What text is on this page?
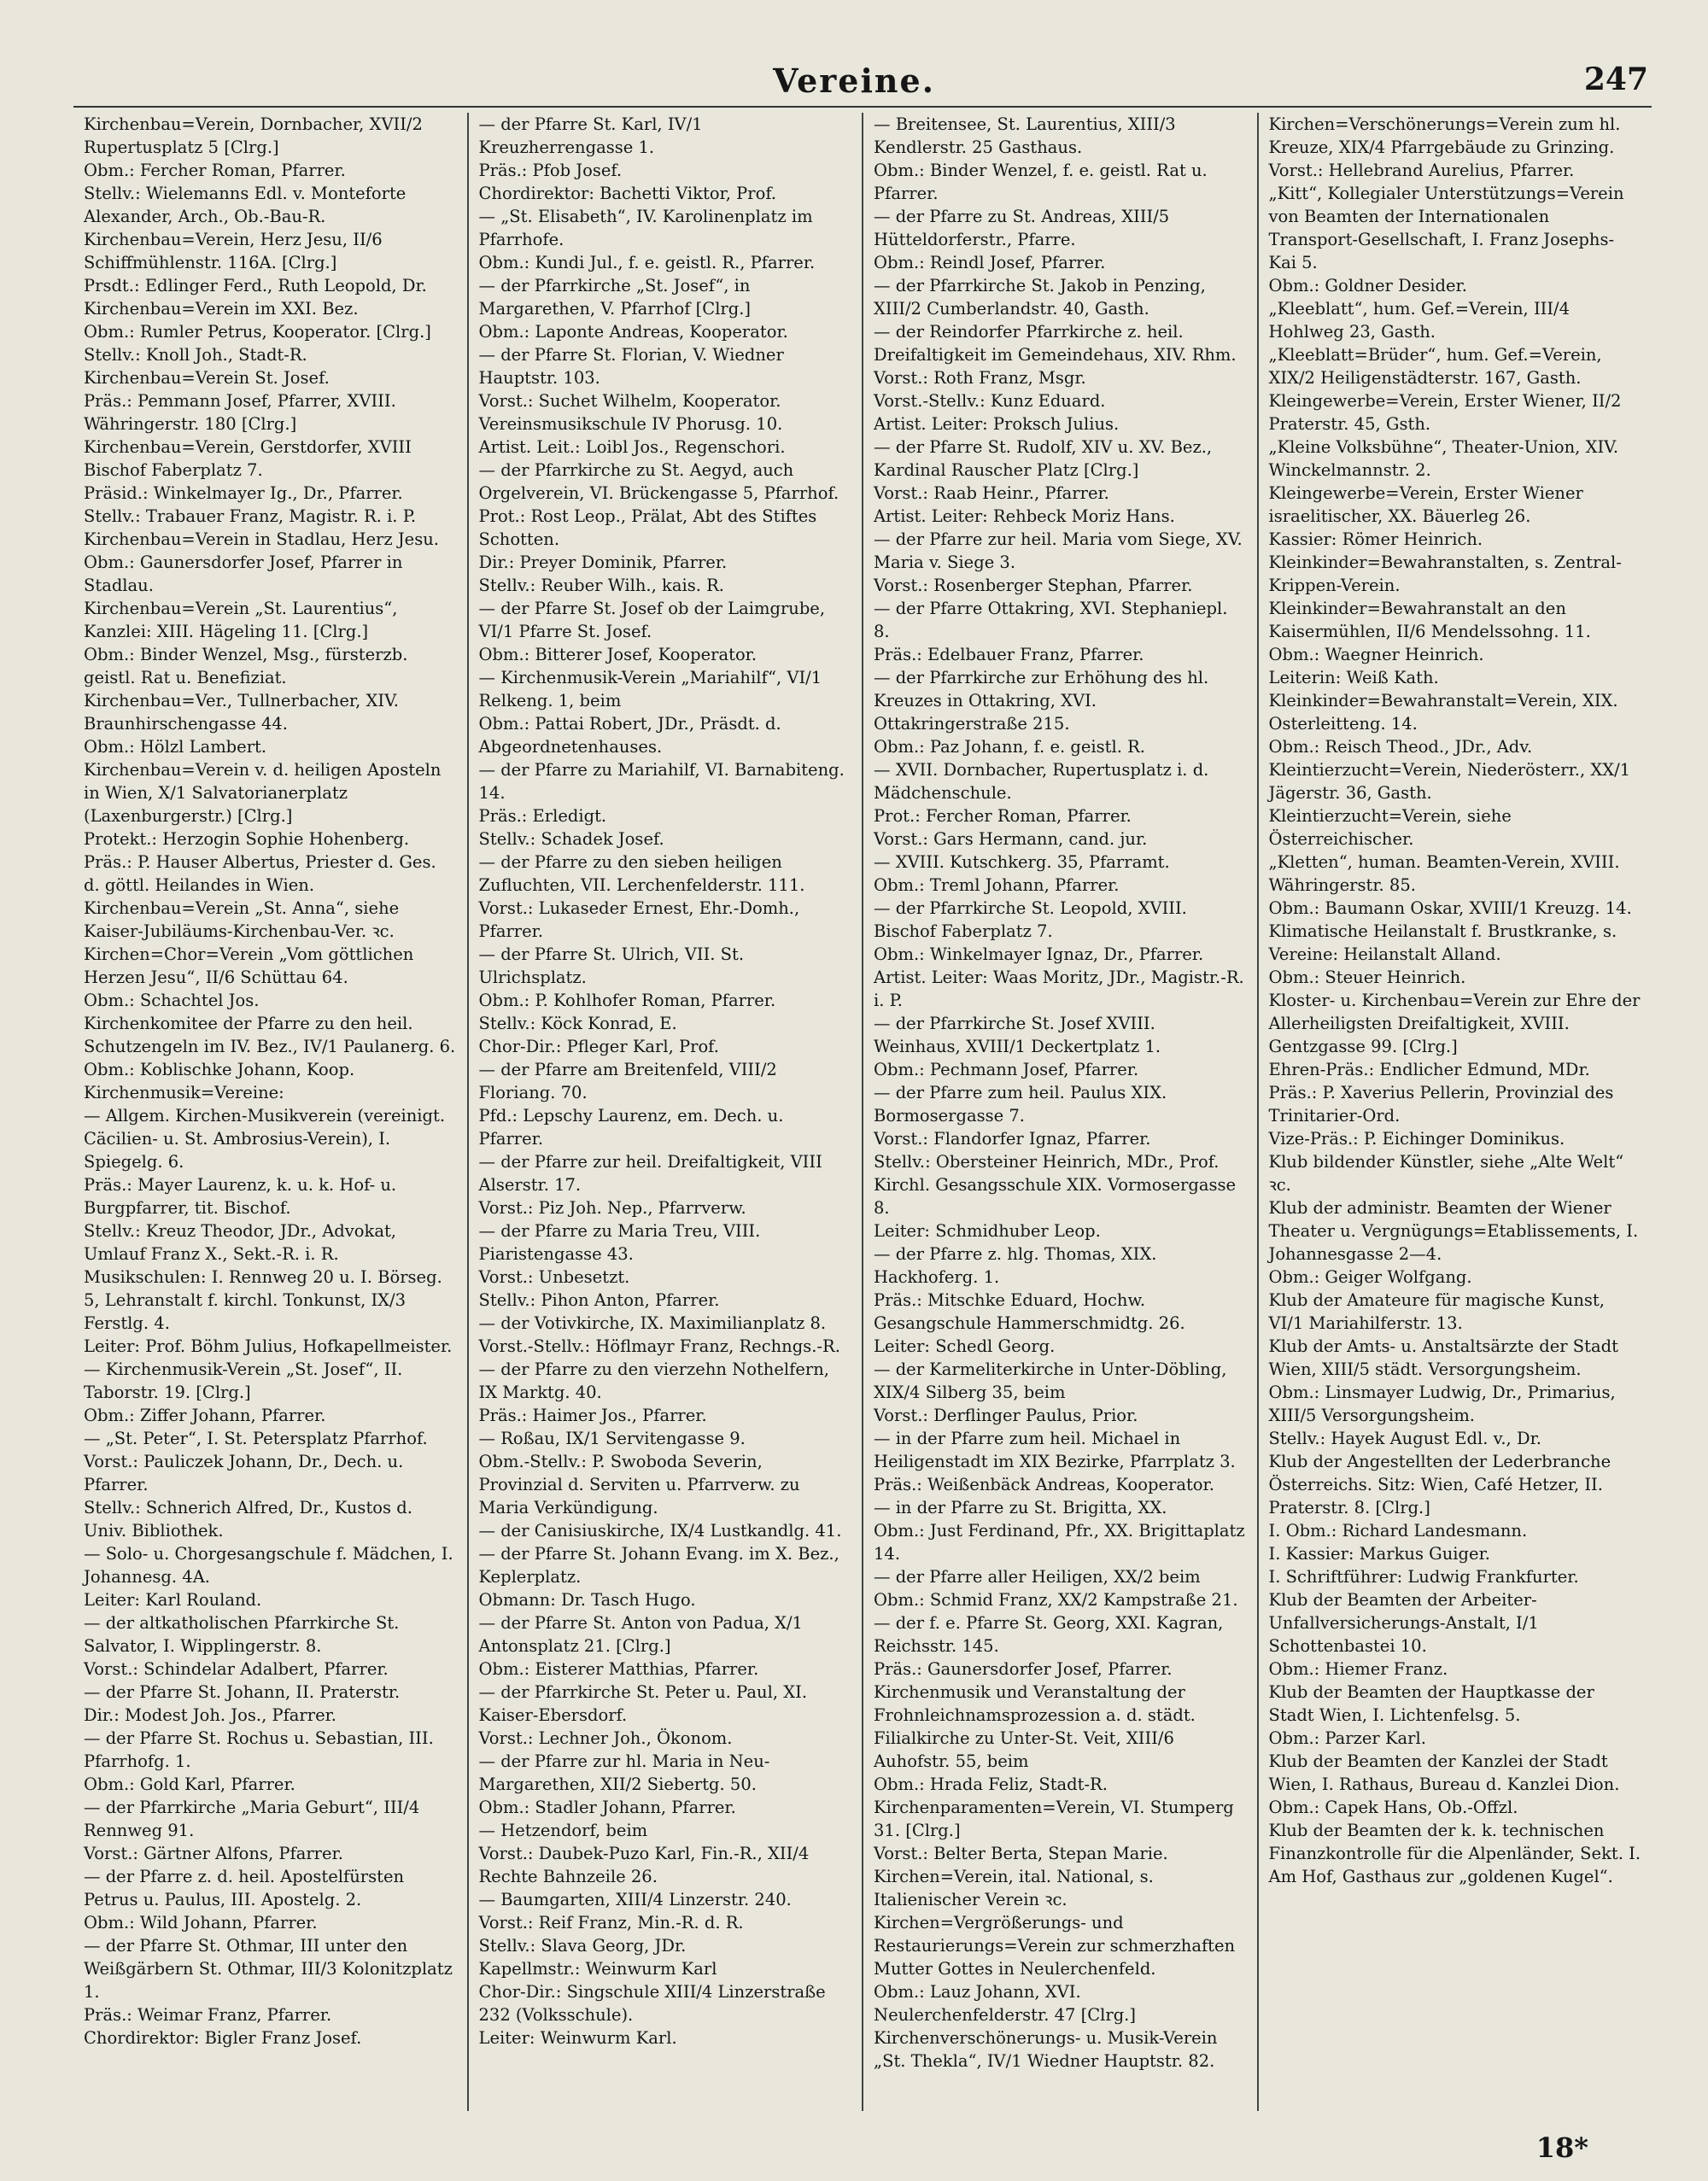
Vereine.	247
Kirchenbau=Verein, Dornbacher, XVII/2 Rupertusplatz 5 [Clrg.]
Obm.: Fercher Roman, Pfarrer.
Stellv.: Wielemanns Edl. v. Monteforte Alexander, Arch., Ob.-Bau-R.
Kirchenbau=Verein, Herz Jesu, II/6 Schiffmühlenstr. 116A. [Clrg.]
Prsdt.: Edlinger Ferd., Ruth Leopold, Dr.
Kirchenbau=Verein im XXI. Bez.
Obm.: Rumler Petrus, Kooperator. [Clrg.]
Stellv.: Knoll Joh., Stadt-R.
Kirchenbau=Verein St. Josef.
Präs.: Pemmann Josef, Pfarrer, XVIII. Währingerstr. 180 [Clrg.]
Kirchenbau=Verein, Gerstdorfer, XVIII Bischof Faberplatz 7.
Präsid.: Winkelmayer Ig., Dr., Pfarrer.
Stellv.: Trabauer Franz, Magistr. R. i. P.
Kirchenbau=Verein in Stadlau, Herz Jesu.
Obm.: Gaunersdorfer Josef, Pfarrer in Stadlau.
Kirchenbau=Verein „St. Laurentius“, Kanzlei: XIII. Hägeling 11. [Clrg.]
Obm.: Binder Wenzel, Msg., fürsterzb. geistl. Rat u. Benefiziat.
Kirchenbau=Ver., Tullnerbacher, XIV. Braunhirschengasse 44.
Obm.: Hölzl Lambert.
Kirchenbau=Verein v. d. heiligen Aposteln in Wien, X/1 Salvatorianerplatz (Laxenburgerstr.) [Clrg.]
Protekt.: Herzogin Sophie Hohenberg.
Präs.: P. Hauser Albertus, Priester d. Ges. d. göttl. Heilandes in Wien.
Kirchenbau=Verein „St. Anna“, siehe Kaiser-Jubiläums-Kirchenbau-Ver. ꝛc.
Kirchen=Chor=Verein „Vom göttlichen Herzen Jesu“, II/6 Schüttau 64.
Obm.: Schachtel Jos.
Kirchenkomitee der Pfarre zu den heil. Schutzengeln im IV. Bez., IV/1 Paulanerg. 6.
Obm.: Koblischke Johann, Koop.
Kirchenmusik=Vereine:
— Allgem. Kirchen-Musikverein (vereinigt. Cäcilien- u. St. Ambrosius-Verein), I. Spiegelg. 6.
Präs.: Mayer Laurenz, k. u. k. Hof- u. Burgpfarrer, tit. Bischof.
Stellv.: Kreuz Theodor, JDr., Advokat, Umlauf Franz X., Sekt.-R. i. R.
Musikschulen: I. Rennweg 20 u. I. Börseg. 5, Lehranstalt f. kirchl. Tonkunst, IX/3 Ferstlg. 4.
Leiter: Prof. Böhm Julius, Hofkapellmeister.
— Kirchenmusik-Verein „St. Josef“, II. Taborstr. 19. [Clrg.]
Obm.: Ziffer Johann, Pfarrer.
— „St. Peter“, I. St. Petersplatz Pfarrhof.
Vorst.: Pauliczek Johann, Dr., Dech. u. Pfarrer.
Stellv.: Schnerich Alfred, Dr., Kustos d. Univ. Bibliothek.
— Solo- u. Chorgesangschule f. Mädchen, I. Johannesg. 4A.
Leiter: Karl Rouland.
— der altkatholischen Pfarrkirche St. Salvator, I. Wipplingerstr. 8.
Vorst.: Schindelar Adalbert, Pfarrer.
— der Pfarre St. Johann, II. Praterstr.
Dir.: Modest Joh. Jos., Pfarrer.
— der Pfarre St. Rochus u. Sebastian, III. Pfarrhofg. 1.
Obm.: Gold Karl, Pfarrer.
— der Pfarrkirche „Maria Geburt“, III/4 Rennweg 91.
Vorst.: Gärtner Alfons, Pfarrer.
— der Pfarre z. d. heil. Apostelfürsten Petrus u. Paulus, III. Apostelg. 2.
Obm.: Wild Johann, Pfarrer.
— der Pfarre St. Othmar, III unter den Weißgärbern St. Othmar, III/3 Kolonitzplatz 1.
Präs.: Weimar Franz, Pfarrer.
Chordirektor: Bigler Franz Josef.
— der Pfarre St. Karl, IV/1 Kreuzherrengasse 1.
Präs.: Pfob Josef.
Chordirektor: Bachetti Viktor, Prof.
— „St. Elisabeth“, IV. Karolinenplatz im Pfarrhofe.
Obm.: Kundi Jul., f. e. geistl. R., Pfarrer.
— der Pfarrkirche „St. Josef“, in Margarethen, V. Pfarrhof [Clrg.]
Obm.: Laponte Andreas, Kooperator.
— der Pfarre St. Florian, V. Wiedner Hauptstr. 103.
Vorst.: Suchet Wilhelm, Kooperator.
Vereinsmusikschule IV Phorusg. 10.
Artist. Leit.: Loibl Jos., Regenschori.
— der Pfarrkirche zu St. Aegyd, auch Orgelverein, VI. Brückengasse 5, Pfarrhof.
Prot.: Rost Leop., Prälat, Abt des Stiftes Schotten.
Dir.: Preyer Dominik, Pfarrer.
Stellv.: Reuber Wilh., kais. R.
— der Pfarre St. Josef ob der Laimgrube, VI/1 Pfarre St. Josef.
Obm.: Bitterer Josef, Kooperator.
— Kirchenmusik-Verein „Mariahilf“, VI/1 Relkeng. 1, beim
Obm.: Pattai Robert, JDr., Präsdt. d. Abgeordnetenhauses.
— der Pfarre zu Mariahilf, VI. Barnabiteng. 14.
Präs.: Erledigt.
Stellv.: Schadek Josef.
— der Pfarre zu den sieben heiligen Zufluchten, VII. Lerchenfelderstr. 111.
Vorst.: Lukaseder Ernest, Ehr.-Domh., Pfarrer.
— der Pfarre St. Ulrich, VII. St. Ulrichsplatz.
Obm.: P. Kohlhofer Roman, Pfarrer.
Stellv.: Köck Konrad, E.
Chor-Dir.: Pfleger Karl, Prof.
— der Pfarre am Breitenfeld, VIII/2 Floriang. 70.
Pfd.: Lepschy Laurenz, em. Dech. u. Pfarrer.
— der Pfarre zur heil. Dreifaltigkeit, VIII Alserstr. 17.
Vorst.: Piz Joh. Nep., Pfarrverw.
— der Pfarre zu Maria Treu, VIII. Piaristengasse 43.
Vorst.: Unbesetzt.
Stellv.: Pihon Anton, Pfarrer.
— der Votivkirche, IX. Maximilianplatz 8.
Vorst.-Stellv.: Höflmayr Franz, Rechngs.-R.
— der Pfarre zu den vierzehn Nothelfern, IX Marktg. 40.
Präs.: Haimer Jos., Pfarrer.
— Roßau, IX/1 Servitengasse 9.
Obm.-Stellv.: P. Swoboda Severin, Provinzial d. Serviten u. Pfarrverw. zu Maria Verkündigung.
— der Canisiuskirche, IX/4 Lustkandlg. 41.
— der Pfarre St. Johann Evang. im X. Bez., Keplerplatz.
Obmann: Dr. Tasch Hugo.
— der Pfarre St. Anton von Padua, X/1 Antonsplatz 21. [Clrg.]
Obm.: Eisterer Matthias, Pfarrer.
— der Pfarrkirche St. Peter u. Paul, XI. Kaiser-Ebersdorf.
Vorst.: Lechner Joh., Ökonom.
— der Pfarre zur hl. Maria in Neu-Margarethen, XII/2 Siebertg. 50.
Obm.: Stadler Johann, Pfarrer.
— Hetzendorf, beim
Vorst.: Daubek-Puzo Karl, Fin.-R., XII/4 Rechte Bahnzeile 26.
— Baumgarten, XIII/4 Linzerstr. 240.
Vorst.: Reif Franz, Min.-R. d. R.
Stellv.: Slava Georg, JDr.
Kapellmstr.: Weinwurm Karl
Chor-Dir.: Singschule XIII/4 Linzerstraße 232 (Volksschule).
Leiter: Weinwurm Karl.
— Breitensee, St. Laurentius, XIII/3 Kendlerstr. 25 Gasthaus.
Obm.: Binder Wenzel, f. e. geistl. Rat u. Pfarrer.
— der Pfarre zu St. Andreas, XIII/5 Hütteldorferstr., Pfarre.
Obm.: Reindl Josef, Pfarrer.
— der Pfarrkirche St. Jakob in Penzing, XIII/2 Cumberlandstr. 40, Gasth.
— der Reindorfer Pfarrkirche z. heil. Dreifaltigkeit im Gemeindehaus, XIV. Rhm.
Vorst.: Roth Franz, Msgr.
Vorst.-Stellv.: Kunz Eduard.
Artist. Leiter: Proksch Julius.
— der Pfarre St. Rudolf, XIV u. XV. Bez., Kardinal Rauscher Platz [Clrg.]
Vorst.: Raab Heinr., Pfarrer.
Artist. Leiter: Rehbeck Moriz Hans.
— der Pfarre zur heil. Maria vom Siege, XV. Maria v. Siege 3.
Vorst.: Rosenberger Stephan, Pfarrer.
— der Pfarre Ottakring, XVI. Stephaniepl. 8.
Präs.: Edelbauer Franz, Pfarrer.
— der Pfarrkirche zur Erhöhung des hl. Kreuzes in Ottakring, XVI. Ottakringerstraße 215.
Obm.: Paz Johann, f. e. geistl. R.
— XVII. Dornbacher, Rupertusplatz i. d. Mädchenschule.
Prot.: Fercher Roman, Pfarrer.
Vorst.: Gars Hermann, cand. jur.
— XVIII. Kutschkerg. 35, Pfarramt.
Obm.: Treml Johann, Pfarrer.
— der Pfarrkirche St. Leopold, XVIII. Bischof Faberplatz 7.
Obm.: Winkelmayer Ignaz, Dr., Pfarrer.
Artist. Leiter: Waas Moritz, JDr., Magistr.-R. i. P.
— der Pfarrkirche St. Josef XVIII. Weinhaus, XVIII/1 Deckertplatz 1.
Obm.: Pechmann Josef, Pfarrer.
— der Pfarre zum heil. Paulus XIX. Bormosergasse 7.
Vorst.: Flandorfer Ignaz, Pfarrer.
Stellv.: Obersteiner Heinrich, MDr., Prof.
Kirchl. Gesangsschule XIX. Vormosergasse 8.
Leiter: Schmidhuber Leop.
— der Pfarre z. hlg. Thomas, XIX. Hackhoferg. 1.
Präs.: Mitschke Eduard, Hochw.
Gesangschule Hammerschmidtg. 26.
Leiter: Schedl Georg.
— der Karmeliterkirche in Unter-Döbling, XIX/4 Silberg 35, beim
Vorst.: Derflinger Paulus, Prior.
— in der Pfarre zum heil. Michael in Heiligenstadt im XIX Bezirke, Pfarrplatz 3.
Präs.: Weißenbäck Andreas, Kooperator.
— in der Pfarre zu St. Brigitta, XX.
Obm.: Just Ferdinand, Pfr., XX. Brigittaplatz 14.
— der Pfarre aller Heiligen, XX/2 beim
Obm.: Schmid Franz, XX/2 Kampstraße 21.
— der f. e. Pfarre St. Georg, XXI. Kagran, Reichsstr. 145.
Präs.: Gaunersdorfer Josef, Pfarrer.
Kirchenmusik und Veranstaltung der Frohnleichnamsprozession a. d. städt. Filialkirche zu Unter-St. Veit, XIII/6 Auhofstr. 55, beim
Obm.: Hrada Feliz, Stadt-R.
Kirchenparamenten=Verein, VI. Stumperg 31. [Clrg.]
Vorst.: Belter Berta, Stepan Marie.
Kirchen=Verein, ital. National, s. Italienischer Verein ꝛc.
Kirchen=Vergrößerungs- und Restaurierungs=Verein zur schmerzhaften Mutter Gottes in Neulerchenfeld.
Obm.: Lauz Johann, XVI. Neulerchenfelderstr. 47 [Clrg.]
Kirchenverschönerungs- u. Musik-Verein „St. Thekla“, IV/1 Wiedner Hauptstr. 82.
Kirchen=Verschönerungs=Verein zum hl. Kreuze, XIX/4 Pfarrgebäude zu Grinzing.
Vorst.: Hellebrand Aurelius, Pfarrer.
„Kitt“, Kollegialer Unterstützungs=Verein von Beamten der Internationalen Transport-Gesellschaft, I. Franz Josephs-Kai 5.
Obm.: Goldner Desider.
„Kleeblatt“, hum. Gef.=Verein, III/4 Hohlweg 23, Gasth.
„Kleeblatt=Brüder“, hum. Gef.=Verein, XIX/2 Heiligenstädterstr. 167, Gasth.
Kleingewerbe=Verein, Erster Wiener, II/2 Praterstr. 45, Gsth.
„Kleine Volksbühne“, Theater-Union, XIV. Winckelmannstr. 2.
Kleingewerbe=Verein, Erster Wiener israelitischer, XX. Bäuerleg 26.
Kassier: Römer Heinrich.
Kleinkinder=Bewahranstalten, s. Zentral-Krippen-Verein.
Kleinkinder=Bewahranstalt an den Kaisermühlen, II/6 Mendelssohng. 11.
Obm.: Waegner Heinrich.
Leiterin: Weiß Kath.
Kleinkinder=Bewahranstalt=Verein, XIX. Osterleitteng. 14.
Obm.: Reisch Theod., JDr., Adv.
Kleintierzucht=Verein, Niederösterr., XX/1 Jägerstr. 36, Gasth.
Kleintierzucht=Verein, siehe Österreichischer.
„Kletten“, human. Beamten-Verein, XVIII. Währingerstr. 85.
Obm.: Baumann Oskar, XVIII/1 Kreuzg. 14.
Klimatische Heilanstalt f. Brustkranke, s. Vereine: Heilanstalt Alland.
Obm.: Steuer Heinrich.
Kloster- u. Kirchenbau=Verein zur Ehre der Allerheiligsten Dreifaltigkeit, XVIII. Gentzgasse 99. [Clrg.]
Ehren-Präs.: Endlicher Edmund, MDr.
Präs.: P. Xaverius Pellerin, Provinzial des Trinitarier-Ord.
Vize-Präs.: P. Eichinger Dominikus.
Klub bildender Künstler, siehe „Alte Welt“ ꝛc.
Klub der administr. Beamten der Wiener Theater u. Vergnügungs=Etablissements, I. Johannesgasse 2—4.
Obm.: Geiger Wolfgang.
Klub der Amateure für magische Kunst, VI/1 Mariahilferstr. 13.
Klub der Amts- u. Anstaltsärzte der Stadt Wien, XIII/5 städt. Versorgungsheim.
Obm.: Linsmayer Ludwig, Dr., Primarius, XIII/5 Versorgungsheim.
Stellv.: Hayek August Edl. v., Dr.
Klub der Angestellten der Lederbranche Österreichs. Sitz: Wien, Café Hetzer, II. Praterstr. 8. [Clrg.]
I. Obm.: Richard Landesmann.
I. Kassier: Markus Guiger.
I. Schriftführer: Ludwig Frankfurter.
Klub der Beamten der Arbeiter-Unfallversicherungs-Anstalt, I/1 Schottenbastei 10.
Obm.: Hiemer Franz.
Klub der Beamten der Hauptkasse der Stadt Wien, I. Lichtenfelsg. 5.
Obm.: Parzer Karl.
Klub der Beamten der Kanzlei der Stadt Wien, I. Rathaus, Bureau d. Kanzlei Dion.
Obm.: Capek Hans, Ob.-Offzl.
Klub der Beamten der k. k. technischen Finanzkontrolle für die Alpenländer, Sekt. I. Am Hof, Gasthaus zur „goldenen Kugel“.
18*
